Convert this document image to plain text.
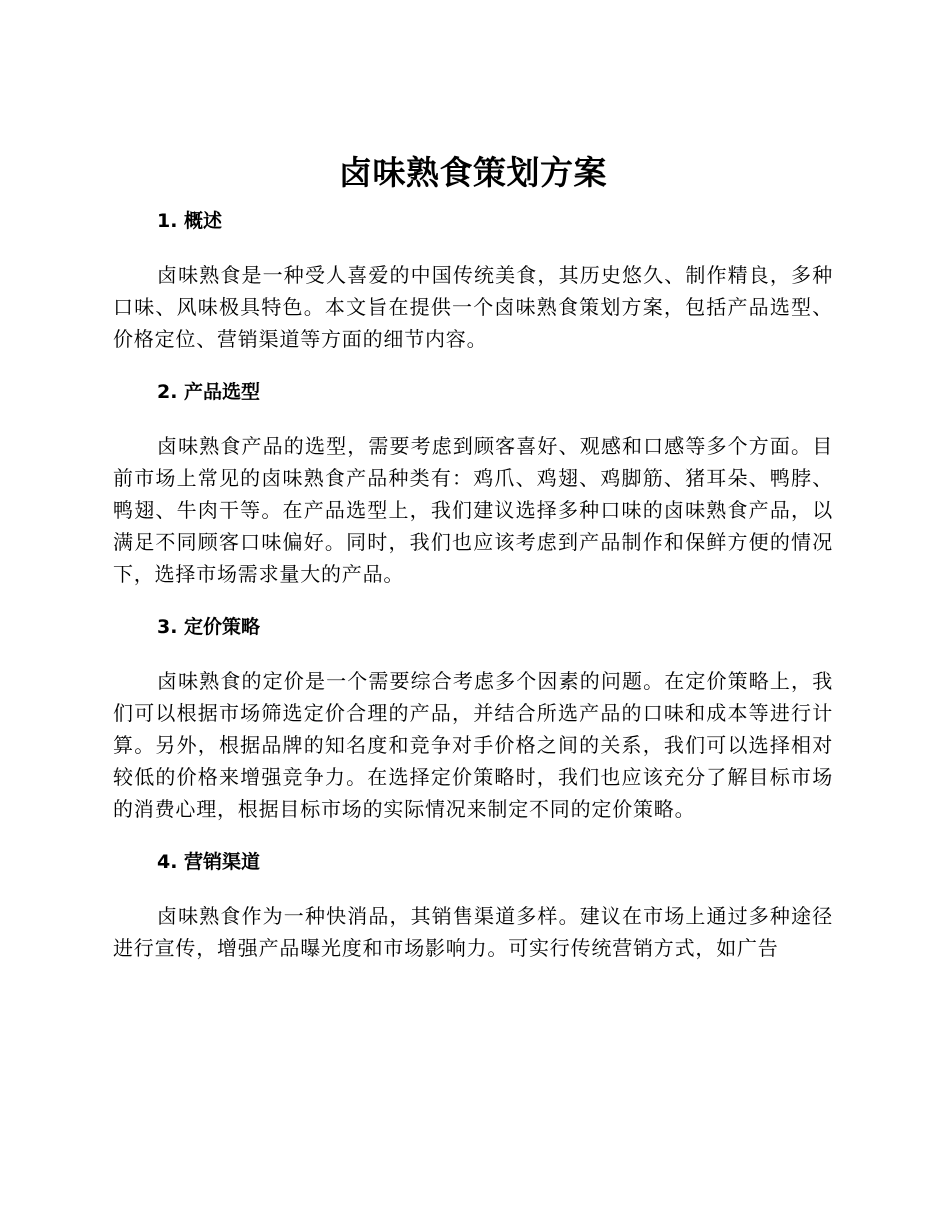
卤味熟食策划方案
1. 概述

卤味熟食是一种受人喜爱的中国传统美食，其历史悠久、制作精良，多种口味、风味极具特色。本文旨在提供一个卤味熟食策划方案，包括产品选型、价格定位、营销渠道等方面的细节内容。

2. 产品选型

卤味熟食产品的选型，需要考虑到顾客喜好、观感和口感等多个方面。目前市场上常见的卤味熟食产品种类有：鸡爪、鸡翅、鸡脚筋、猪耳朵、鸭脖、鸭翅、牛肉干等。在产品选型上，我们建议选择多种口味的卤味熟食产品，以满足不同顾客口味偏好。同时，我们也应该考虑到产品制作和保鲜方便的情况下，选择市场需求量大的产品。

3. 定价策略

卤味熟食的定价是一个需要综合考虑多个因素的问题。在定价策略上，我们可以根据市场筛选定价合理的产品，并结合所选产品的口味和成本等进行计算。另外，根据品牌的知名度和竞争对手价格之间的关系，我们可以选择相对较低的价格来增强竞争力。在选择定价策略时，我们也应该充分了解目标市场的消费心理，根据目标市场的实际情况来制定不同的定价策略。

4. 营销渠道

卤味熟食作为一种快消品，其销售渠道多样。建议在市场上通过多种途径进行宣传，增强产品曝光度和市场影响力。可实行传统营销方式，如广告
